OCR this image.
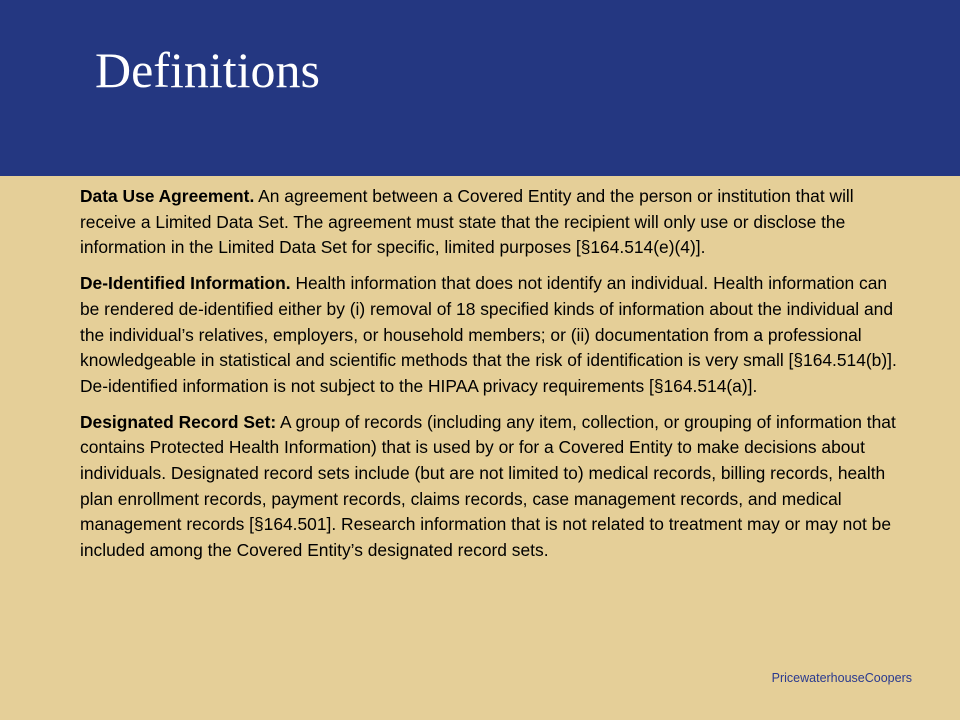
Definitions

Data Use Agreement. An agreement between a Covered Entity and the person or institution that will receive a Limited Data Set. The agreement must state that the recipient will only use or disclose the information in the Limited Data Set for specific, limited purposes [§164.514(e)(4)].

De-Identified Information. Health information that does not identify an individual. Health information can be rendered de-identified either by (i) removal of 18 specified kinds of information about the individual and the individual’s relatives, employers, or household members; or (ii) documentation from a professional knowledgeable in statistical and scientific methods that the risk of identification is very small [§164.514(b)]. De-identified information is not subject to the HIPAA privacy requirements [§164.514(a)].

Designated Record Set: A group of records (including any item, collection, or grouping of information that contains Protected Health Information) that is used by or for a Covered Entity to make decisions about individuals. Designated record sets include (but are not limited to) medical records, billing records, health plan enrollment records, payment records, claims records, case management records, and medical management records [§164.501]. Research information that is not related to treatment may or may not be included among the Covered Entity’s designated record sets.

PricewaterhouseCoopers
